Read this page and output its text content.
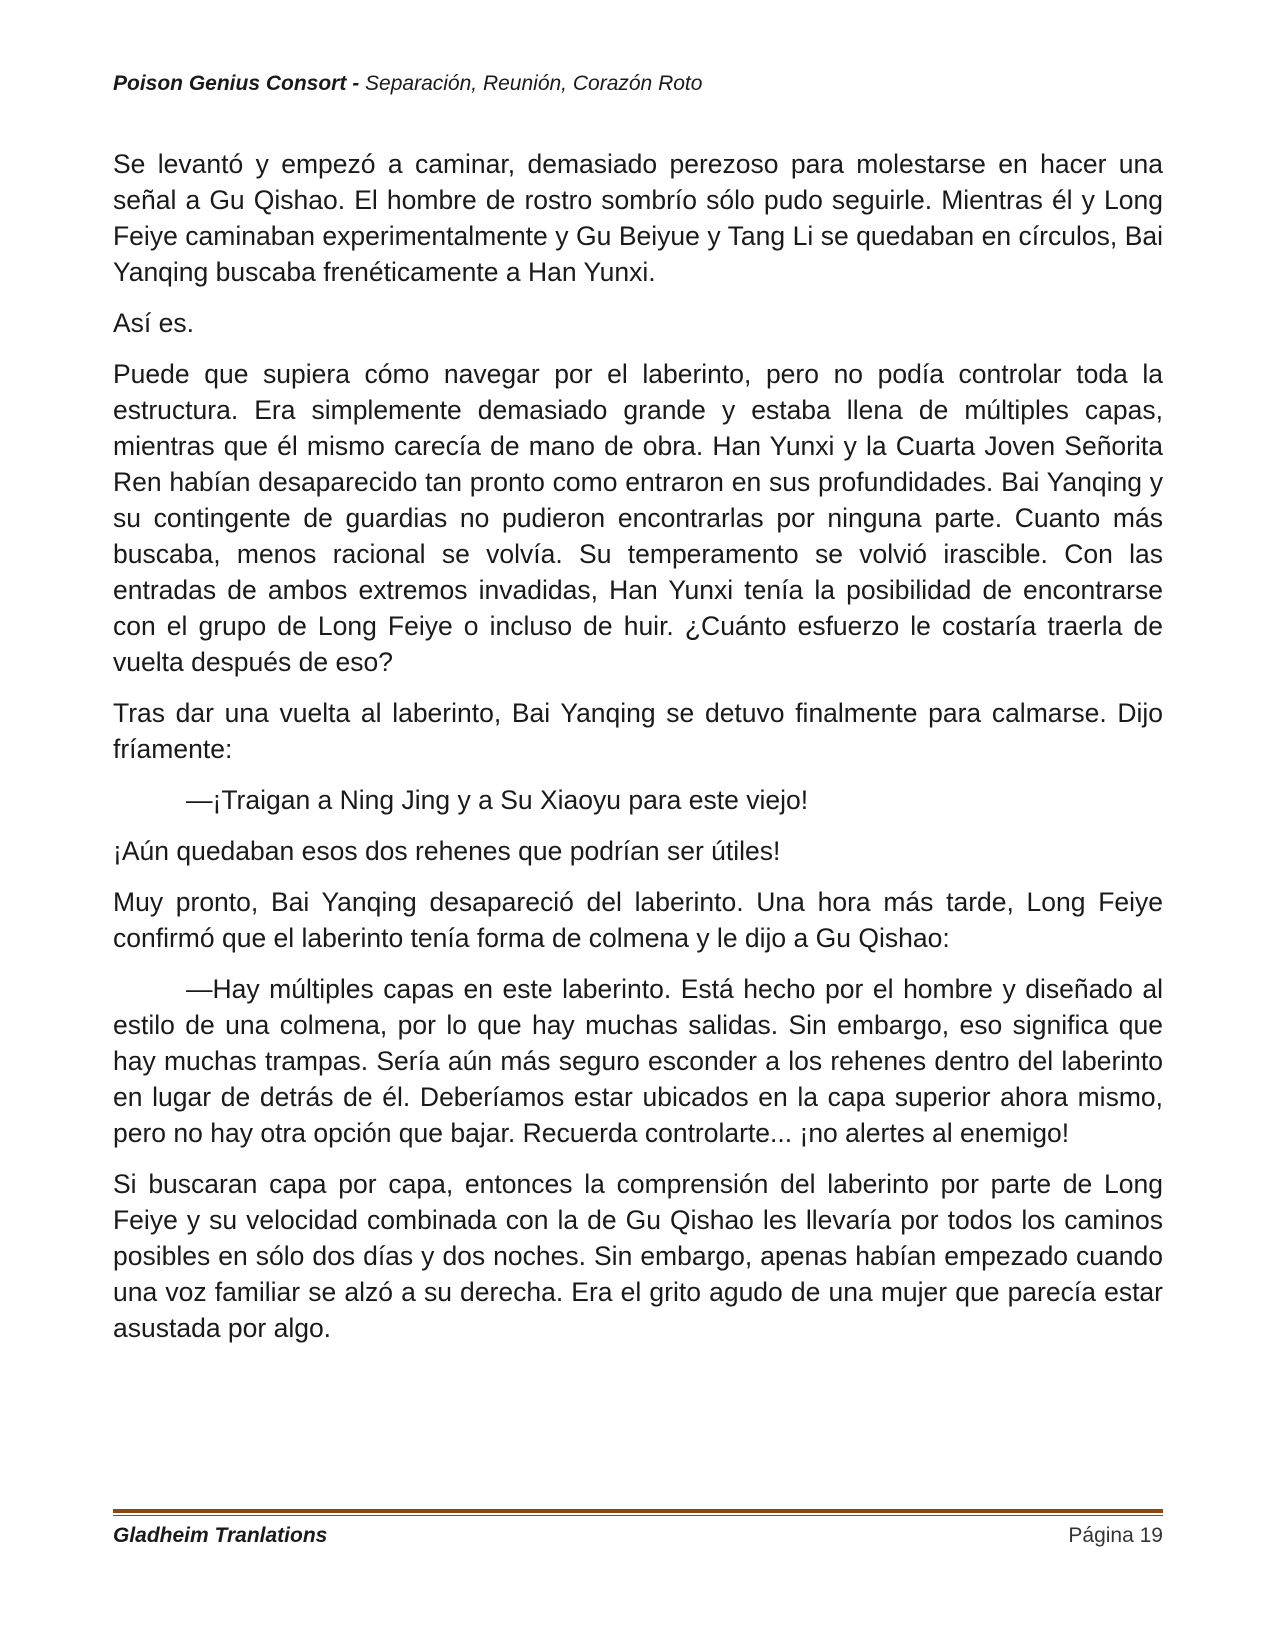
Poison Genius Consort - Separación, Reunión, Corazón Roto

Se levantó y empezó a caminar, demasiado perezoso para molestarse en hacer una señal a Gu Qishao. El hombre de rostro sombrío sólo pudo seguirle. Mientras él y Long Feiye caminaban experimentalmente y Gu Beiyue y Tang Li se quedaban en círculos, Bai Yanqing buscaba frenéticamente a Han Yunxi.

Así es.

Puede que supiera cómo navegar por el laberinto, pero no podía controlar toda la estructura. Era simplemente demasiado grande y estaba llena de múltiples capas, mientras que él mismo carecía de mano de obra. Han Yunxi y la Cuarta Joven Señorita Ren habían desaparecido tan pronto como entraron en sus profundidades. Bai Yanqing y su contingente de guardias no pudieron encontrarlas por ninguna parte. Cuanto más buscaba, menos racional se volvía. Su temperamento se volvió irascible. Con las entradas de ambos extremos invadidas, Han Yunxi tenía la posibilidad de encontrarse con el grupo de Long Feiye o incluso de huir. ¿Cuánto esfuerzo le costaría traerla de vuelta después de eso?

Tras dar una vuelta al laberinto, Bai Yanqing se detuvo finalmente para calmarse. Dijo fríamente:

—¡Traigan a Ning Jing y a Su Xiaoyu para este viejo!

¡Aún quedaban esos dos rehenes que podrían ser útiles!

Muy pronto, Bai Yanqing desapareció del laberinto. Una hora más tarde, Long Feiye confirmó que el laberinto tenía forma de colmena y le dijo a Gu Qishao:

—Hay múltiples capas en este laberinto. Está hecho por el hombre y diseñado al estilo de una colmena, por lo que hay muchas salidas. Sin embargo, eso significa que hay muchas trampas. Sería aún más seguro esconder a los rehenes dentro del laberinto en lugar de detrás de él. Deberíamos estar ubicados en la capa superior ahora mismo, pero no hay otra opción que bajar. Recuerda controlarte... ¡no alertes al enemigo!

Si buscaran capa por capa, entonces la comprensión del laberinto por parte de Long Feiye y su velocidad combinada con la de Gu Qishao les llevaría por todos los caminos posibles en sólo dos días y dos noches. Sin embargo, apenas habían empezado cuando una voz familiar se alzó a su derecha. Era el grito agudo de una mujer que parecía estar asustada por algo.

Gladheim Tranlations	Página 19
